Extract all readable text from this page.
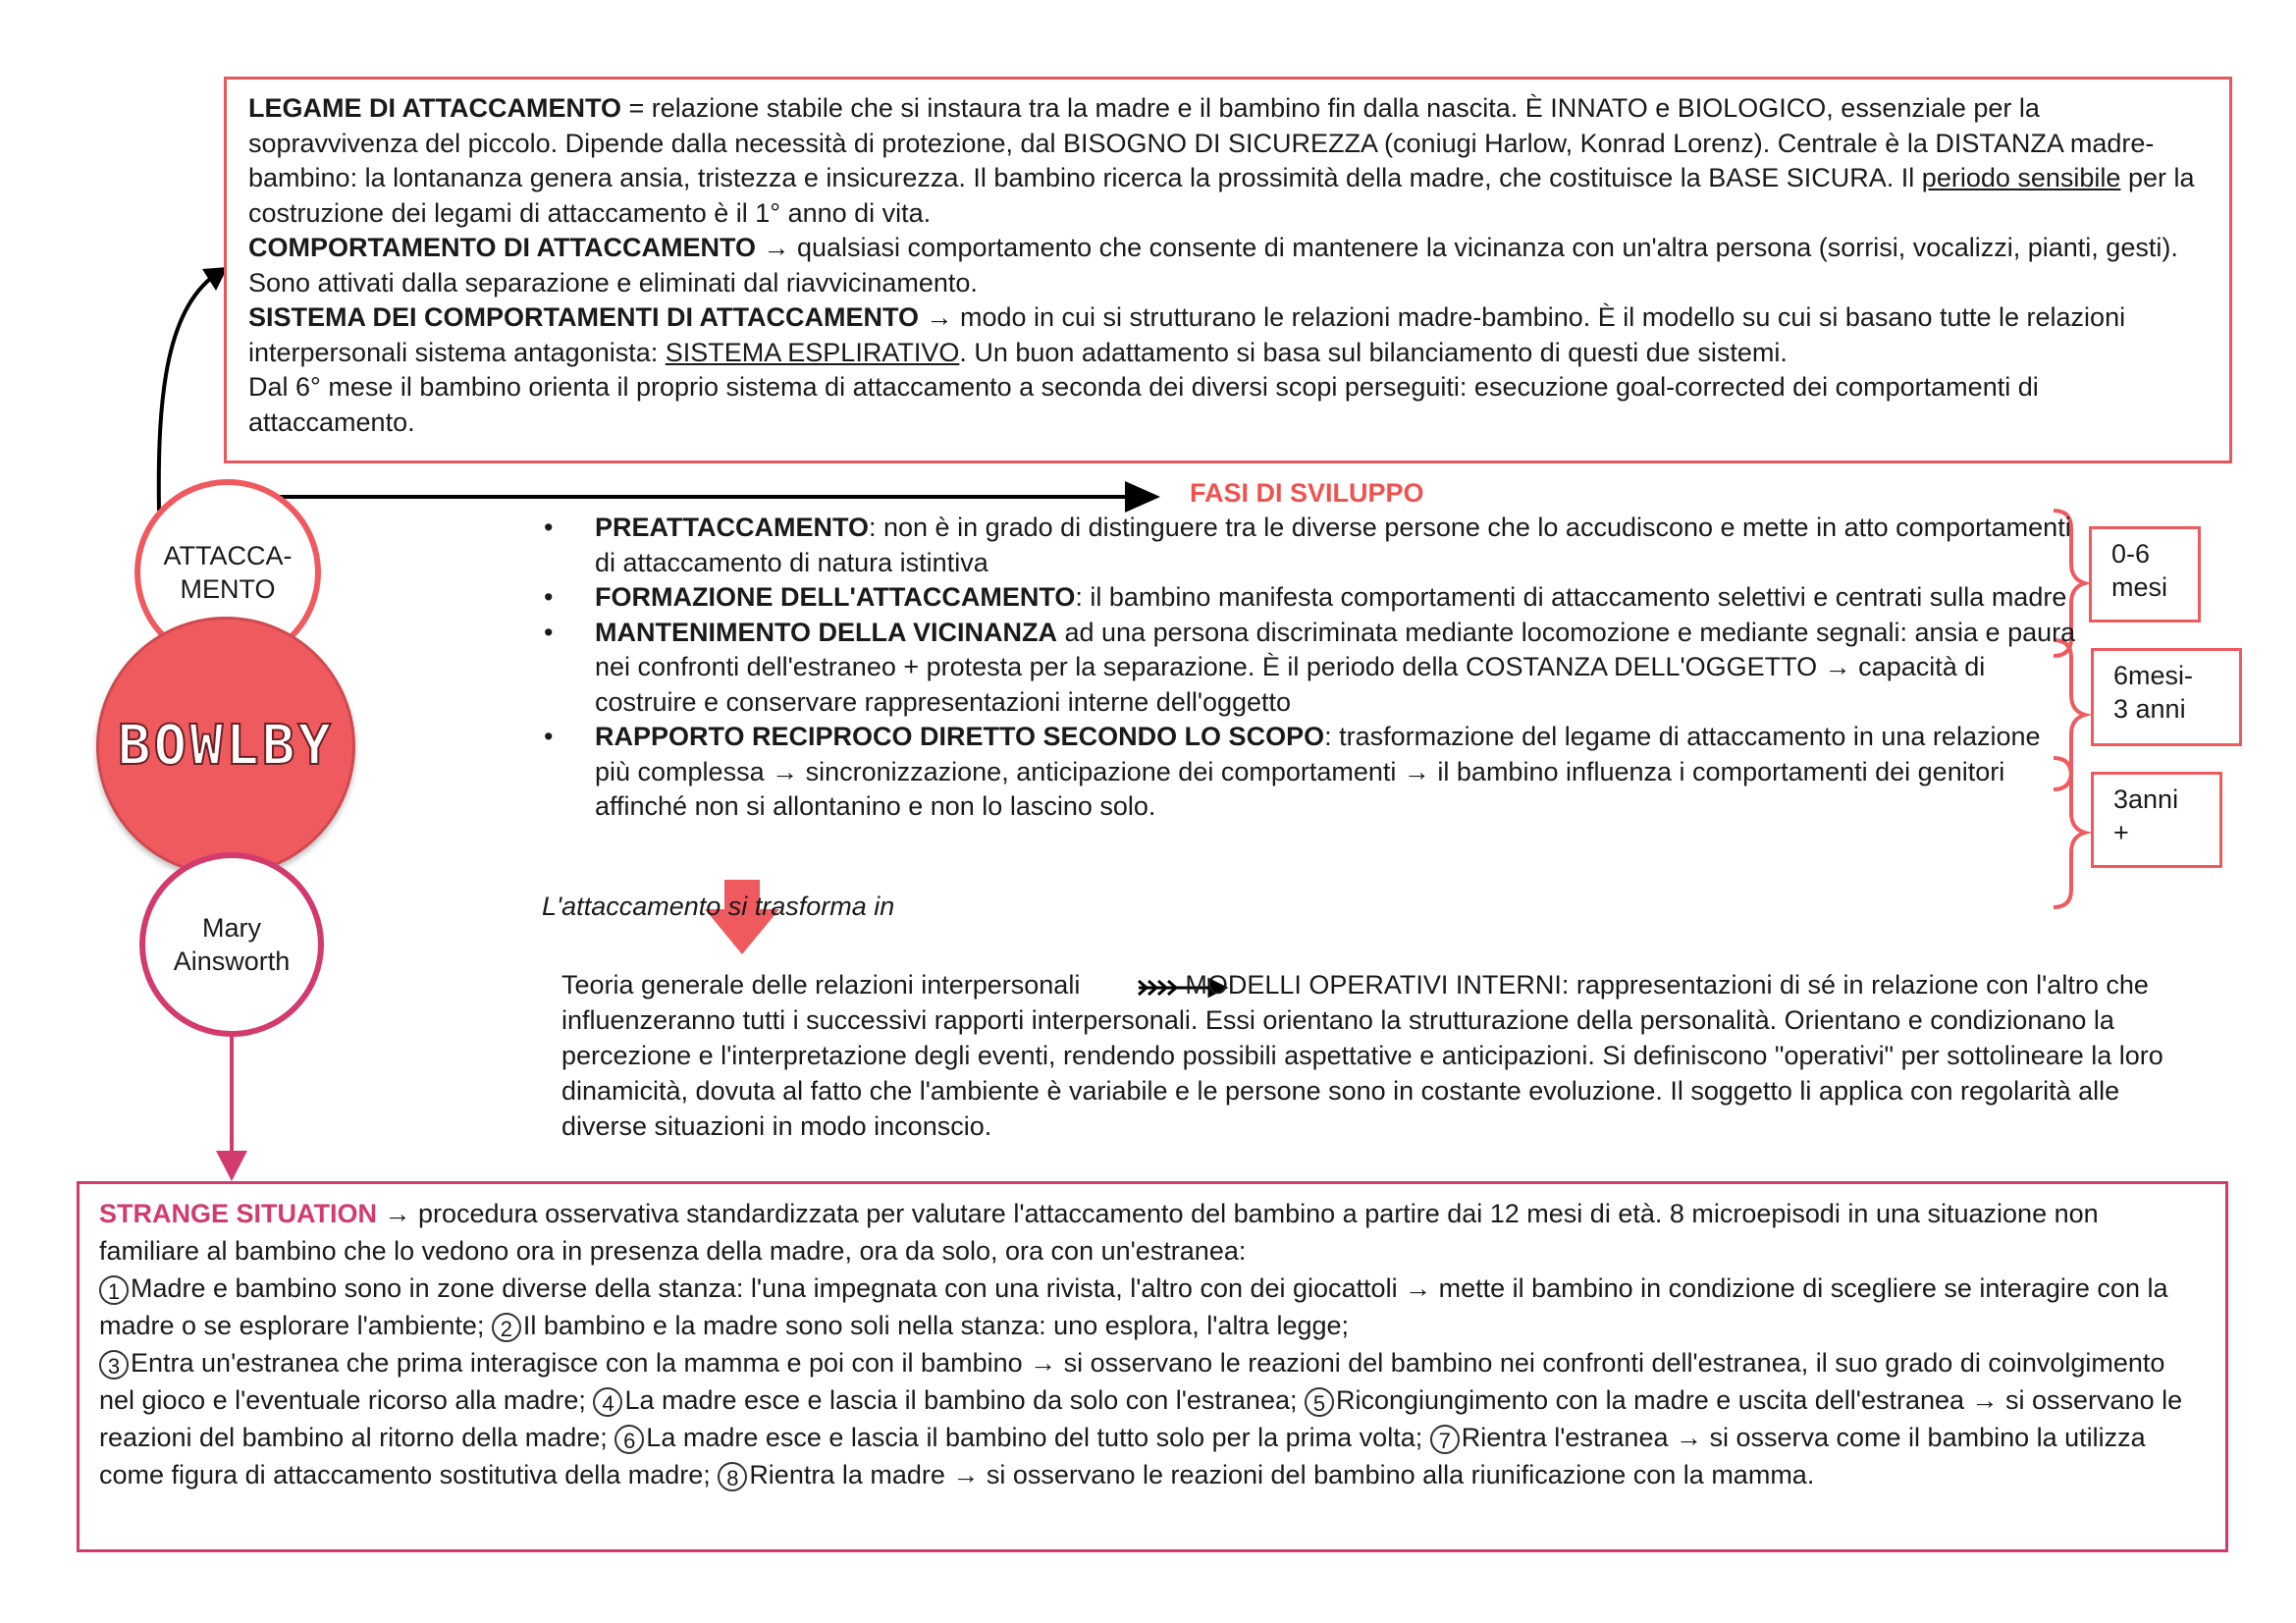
LEGAME DI ATTACCAMENTO = relazione stabile che si instaura tra la madre e il bambino fin dalla nascita. È INNATO e BIOLOGICO, essenziale per la sopravvivenza del piccolo. Dipende dalla necessità di protezione, dal BISOGNO DI SICUREZZA (coniugi Harlow, Konrad Lorenz). Centrale è la DISTANZA madre-bambino: la lontananza genera ansia, tristezza e insicurezza. Il bambino ricerca la prossimità della madre, che costituisce la BASE SICURA. Il periodo sensibile per la costruzione dei legami di attaccamento è il 1° anno di vita.
COMPORTAMENTO DI ATTACCAMENTO → qualsiasi comportamento che consente di mantenere la vicinanza con un'altra persona (sorrisi, vocalizzi, pianti, gesti). Sono attivati dalla separazione e eliminati dal riavvicinamento.
SISTEMA DEI COMPORTAMENTI DI ATTACCAMENTO → modo in cui si strutturano le relazioni madre-bambino. È il modello su cui si basano tutte le relazioni interpersonali sistema antagonista: SISTEMA ESPLIRATIVO. Un buon adattamento si basa sul bilanciamento di questi due sistemi.
Dal 6° mese il bambino orienta il proprio sistema di attaccamento a seconda dei diversi scopi perseguiti: esecuzione goal-corrected dei comportamenti di attaccamento.
ATTACCA-
MENTO
BOWLBY
Mary
Ainsworth
FASI DI SVILUPPO
• PREATTACCAMENTO: non è in grado di distinguere tra le diverse persone che lo accudiscono e mette in atto comportamenti di attaccamento di natura istintiva
• FORMAZIONE DELL'ATTACCAMENTO: il bambino manifesta comportamenti di attaccamento selettivi e centrati sulla madre
• MANTENIMENTO DELLA VICINANZA ad una persona discriminata mediante locomozione e mediante segnali: ansia e paura nei confronti dell'estraneo + protesta per la separazione. È il periodo della COSTANZA DELL'OGGETTO → capacità di costruire e conservare rappresentazioni interne dell'oggetto
• RAPPORTO RECIPROCO DIRETTO SECONDO LO SCOPO: trasformazione del legame di attaccamento in una relazione più complessa → sincronizzazione, anticipazione dei comportamenti → il bambino influenza i comportamenti dei genitori affinché non si allontanino e non lo lascino solo.
0-6
mesi
6mesi-
3 anni
3anni
+
L'attaccamento si trasforma in
Teoria generale delle relazioni interpersonali	MODELLI OPERATIVI INTERNI: rappresentazioni di sé in relazione con l'altro che influenzeranno tutti i successivi rapporti interpersonali. Essi orientano la strutturazione della personalità. Orientano e condizionano la percezione e l'interpretazione degli eventi, rendendo possibili aspettative e anticipazioni. Si definiscono "operativi" per sottolineare la loro dinamicità, dovuta al fatto che l'ambiente è variabile e le persone sono in costante evoluzione. Il soggetto li applica con regolarità alle diverse situazioni in modo inconscio.
STRANGE SITUATION → procedura osservativa standardizzata per valutare l'attaccamento del bambino a partire dai 12 mesi di età. 8 microepisodi in una situazione non familiare al bambino che lo vedono ora in presenza della madre, ora da solo, ora con un'estranea:
1 Madre e bambino sono in zone diverse della stanza: l'una impegnata con una rivista, l'altro con dei giocattoli → mette il bambino in condizione di scegliere se interagire con la madre o se esplorare l'ambiente; 2 Il bambino e la madre sono soli nella stanza: uno esplora, l'altra legge;
3 Entra un'estranea che prima interagisce con la mamma e poi con il bambino → si osservano le reazioni del bambino nei confronti dell'estranea, il suo grado di coinvolgimento nel gioco e l'eventuale ricorso alla madre; 4 La madre esce e lascia il bambino da solo con l'estranea; 5 Ricongiungimento con la madre e uscita dell'estranea → si osservano le reazioni del bambino al ritorno della madre; 6 La madre esce e lascia il bambino del tutto solo per la prima volta; 7 Rientra l'estranea → si osserva come il bambino la utilizza come figura di attaccamento sostitutiva della madre; 8 Rientra la madre → si osservano le reazioni del bambino alla riunificazione con la mamma.
